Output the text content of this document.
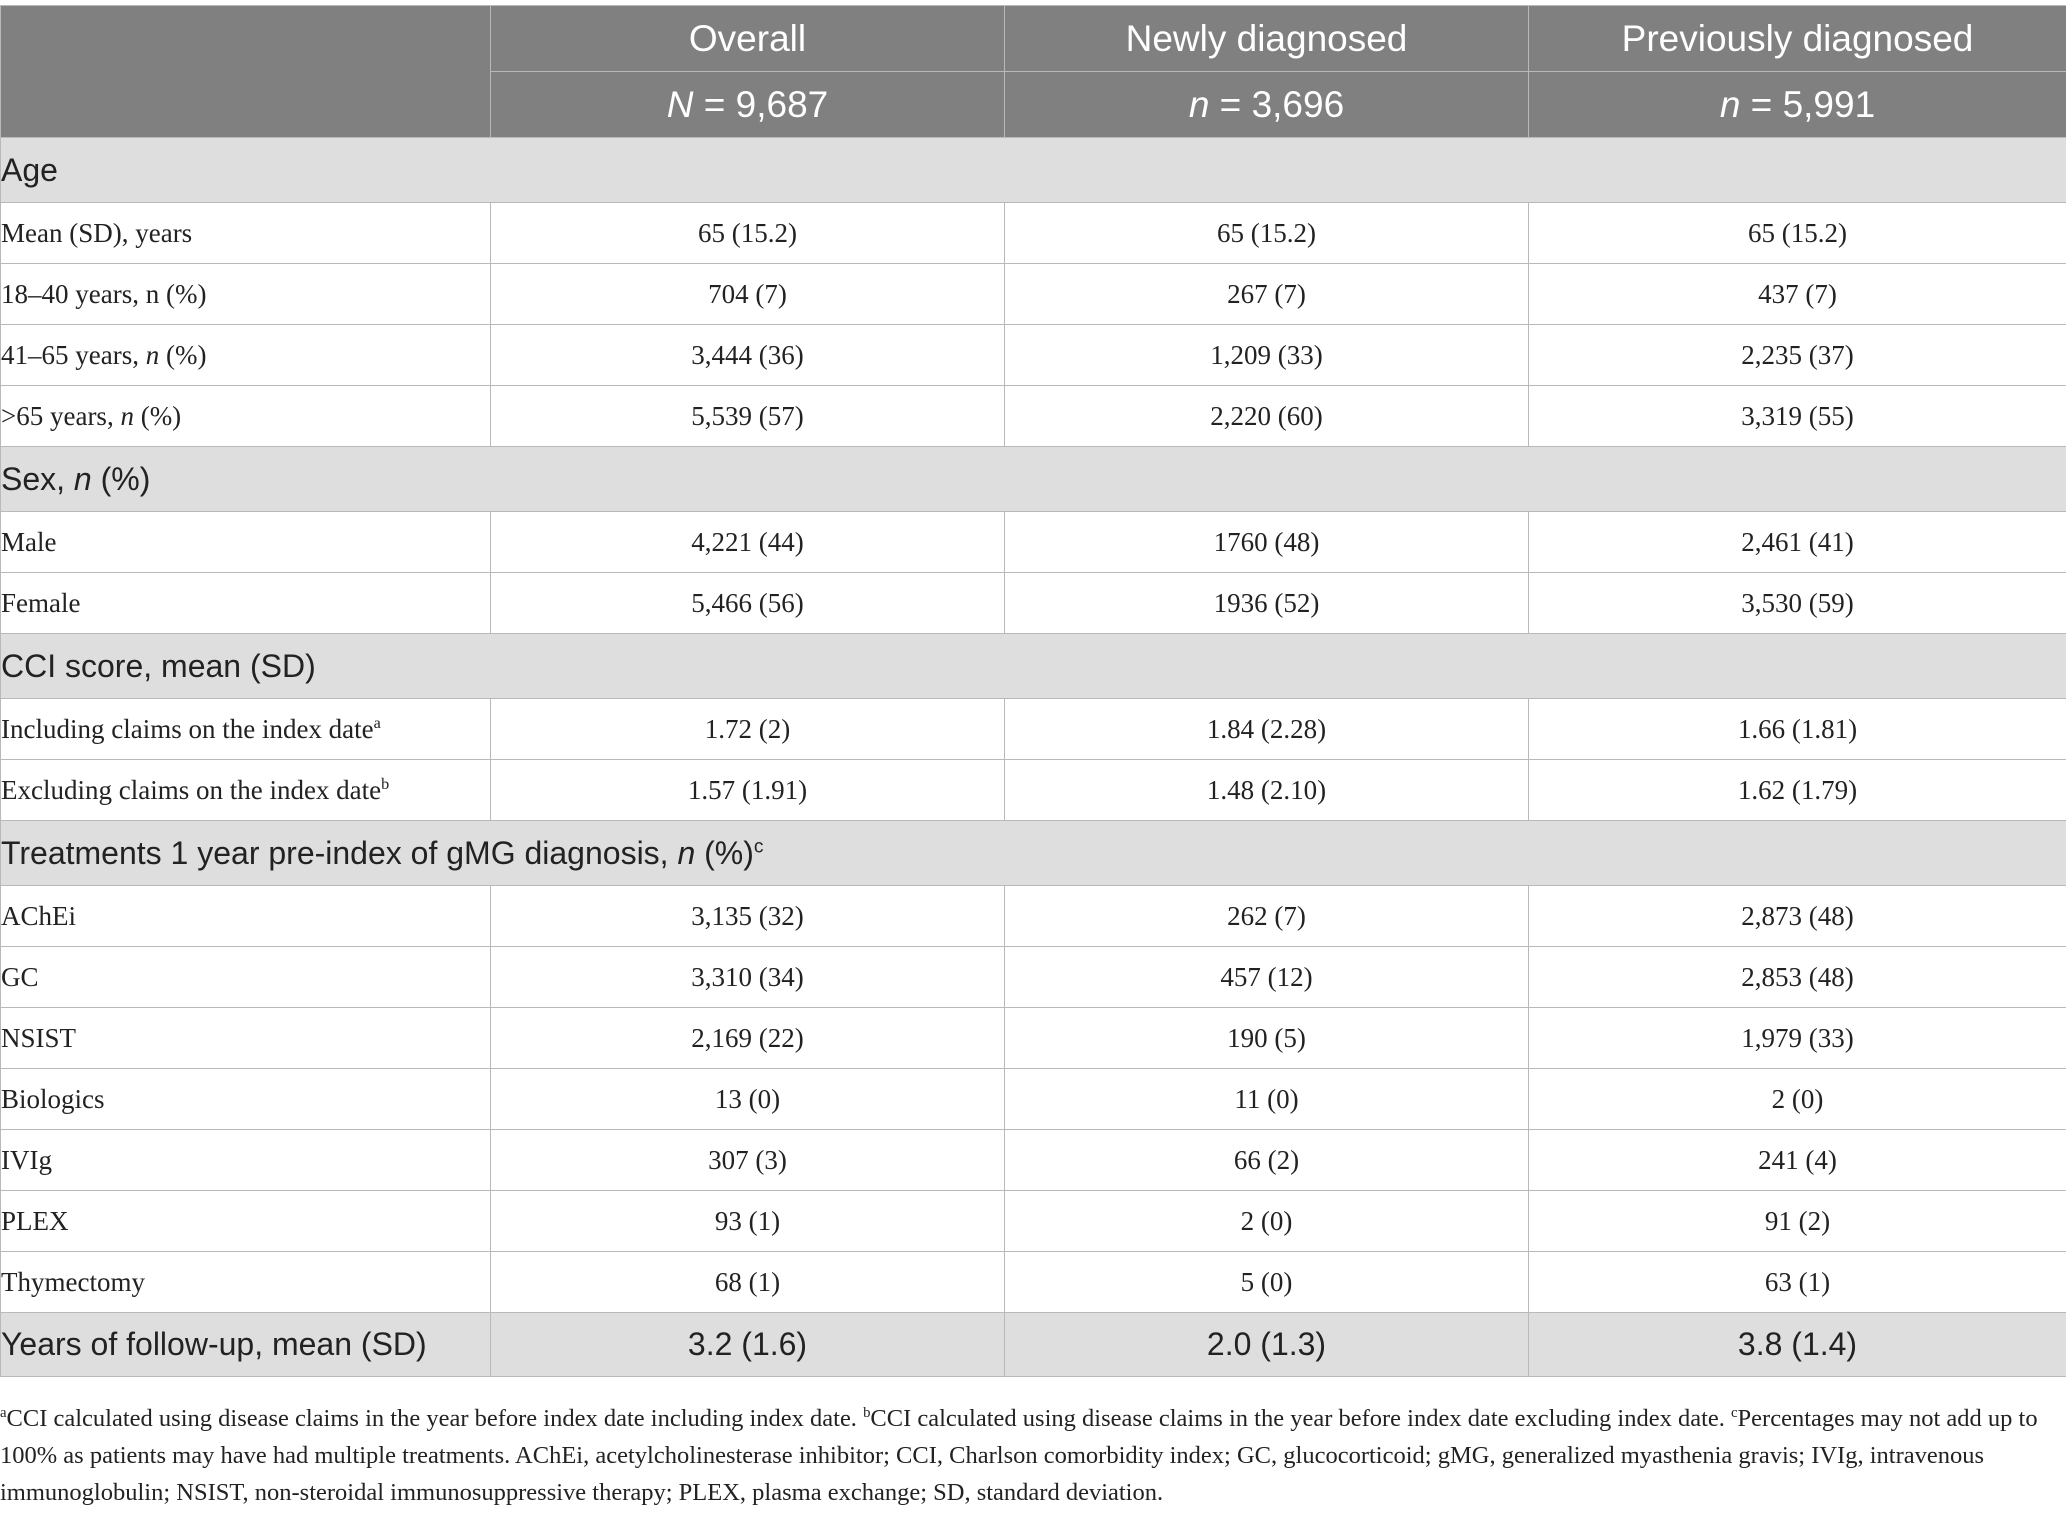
	Overall	Newly diagnosed	Previously diagnosed
	N = 9,687	n = 3,696	n = 5,991
Age			
Mean (SD), years	65 (15.2)	65 (15.2)	65 (15.2)
18–40 years, n (%)	704 (7)	267 (7)	437 (7)
41–65 years, n (%)	3,444 (36)	1,209 (33)	2,235 (37)
>65 years, n (%)	5,539 (57)	2,220 (60)	3,319 (55)
Sex, n (%)			
Male	4,221 (44)	1760 (48)	2,461 (41)
Female	5,466 (56)	1936 (52)	3,530 (59)
CCI score, mean (SD)			
Including claims on the index date$^a$	1.72 (2)	1.84 (2.28)	1.66 (1.81)
Excluding claims on the index date$^b$	1.57 (1.91)	1.48 (2.10)	1.62 (1.79)
Treatments 1 year pre-index of gMG diagnosis, n (%)$^c$
AChEi	3,135 (32)	262 (7)	2,873 (48)
GC	3,310 (34)	457 (12)	2,853 (48)
NSIST	2,169 (22)	190 (5)	1,979 (33)
Biologics	13 (0)	11 (0)	2 (0)
IVIg	307 (3)	66 (2)	241 (4)
PLEX	93 (1)	2 (0)	91 (2)
Thymectomy	68 (1)	5 (0)	63 (1)
Years of follow-up, mean (SD)	3.2 (1.6)	2.0 (1.3)	3.8 (1.4)
$^a$CCI calculated using disease claims in the year before index date including index date. $^b$CCI calculated using disease claims in the year before index date excluding index date. $^c$Percentages may not add up to 100% as patients may have had multiple treatments. AChEi, acetylcholinesterase inhibitor; CCI, Charlson comorbidity index; GC, glucocorticoid; gMG, generalized myasthenia gravis; IVIg, intravenous immunoglobulin; NSIST, non-steroidal immunosuppressive therapy; PLEX, plasma exchange; SD, standard deviation.
